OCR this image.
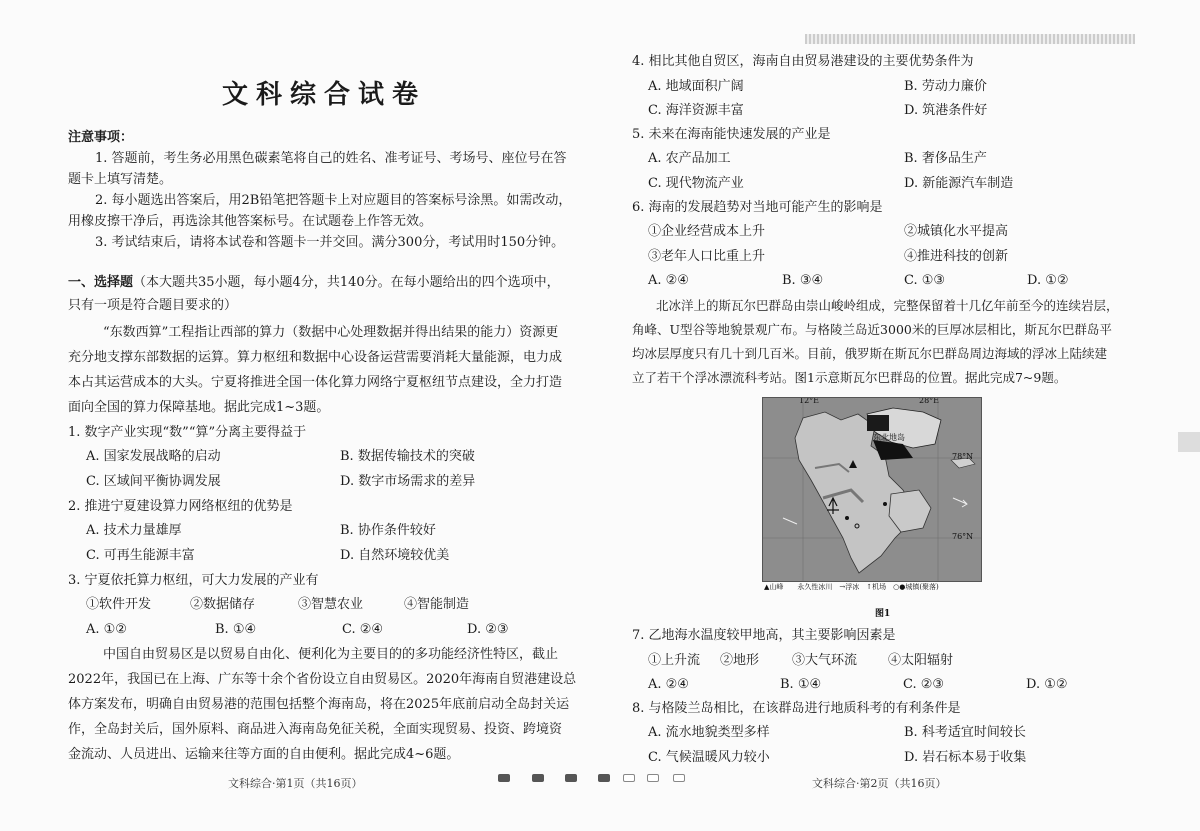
文科综合试卷
注意事项：
1. 答题前，考生务必用黑色碳素笔将自己的姓名、准考证号、考场号、座位号在答
题卡上填写清楚。
2. 每小题选出答案后，用2B铅笔把答题卡上对应题目的答案标号涂黑。如需改动，
用橡皮擦干净后，再选涂其他答案标号。在试题卷上作答无效。
3. 考试结束后，请将本试卷和答题卡一并交回。满分300分，考试用时150分钟。
一、选择题（本大题共35小题，每小题4分，共140分。在每小题给出的四个选项中，
只有一项是符合题目要求的）
“东数西算”工程指让西部的算力（数据中心处理数据并得出结果的能力）资源更
充分地支撑东部数据的运算。算力枢纽和数据中心设备运营需要消耗大量能源，电力成
本占其运营成本的大头。宁夏将推进全国一体化算力网络宁夏枢纽节点建设，全力打造
面向全国的算力保障基地。据此完成1~3题。
1. 数字产业实现“数”“算”分离主要得益于
A. 国家发展战略的启动	B. 数据传输技术的突破
C. 区域间平衡协调发展	D. 数字市场需求的差异
2. 推进宁夏建设算力网络枢纽的优势是
A. 技术力量雄厚	B. 协作条件较好
C. 可再生能源丰富	D. 自然环境较优美
3. 宁夏依托算力枢纽，可大力发展的产业有
①软件开发	②数据储存	③智慧农业	④智能制造
A. ①②	B. ①④	C. ②④	D. ②③
中国自由贸易区是以贸易自由化、便利化为主要目的的多功能经济性特区，截止
2022年，我国已在上海、广东等十余个省份设立自由贸易区。2020年海南自贸港建设总
体方案发布，明确自由贸易港的范围包括整个海南岛，将在2025年底前启动全岛封关运
作，全岛封关后，国外原料、商品进入海南岛免征关税，全面实现贸易、投资、跨境资
金流动、人员进出、运输来往等方面的自由便利。据此完成4~6题。
文科综合·第1页（共16页）
4. 相比其他自贸区，海南自由贸易港建设的主要优势条件为
A. 地域面积广阔	B. 劳动力廉价
C. 海洋资源丰富	D. 筑港条件好
5. 未来在海南能快速发展的产业是
A. 农产品加工	B. 奢侈品生产
C. 现代物流产业	D. 新能源汽车制造
6. 海南的发展趋势对当地可能产生的影响是
①企业经营成本上升	②城镇化水平提高
③老年人口比重上升	④推进科技的创新
A. ②④	B. ③④	C. ①③	D. ①②
北冰洋上的斯瓦尔巴群岛由崇山峻岭组成，完整保留着十几亿年前至今的连续岩层，
角峰、U型谷等地貌景观广布。与格陵兰岛近3000米的巨厚冰层相比，斯瓦尔巴群岛平
均冰层厚度只有几十到几百米。目前，俄罗斯在斯瓦尔巴群岛周边海域的浮冰上陆续建
立了若干个浮冰漂流科考站。图1示意斯瓦尔巴群岛的位置。据此完成7~9题。
7. 乙地海水温度较甲地高，其主要影响因素是
①上升流 ②地形	③大气环流 ④太阳辐射
A. ②④	B. ①④	C. ②③	D. ①②
8. 与格陵兰岛相比，在该群岛进行地质科考的有利条件是
A. 流水地貌类型多样	B. 科考适宜时间较长
C. 气候温暖风力较小	D. 岩石标本易于收集
文科综合·第2页（共16页）
12°E	28°E
78°N
76°N
东北地岛
▲山峰　　永久性冰川　→浮冰　↑机场　○●城镇(聚落)
图1
